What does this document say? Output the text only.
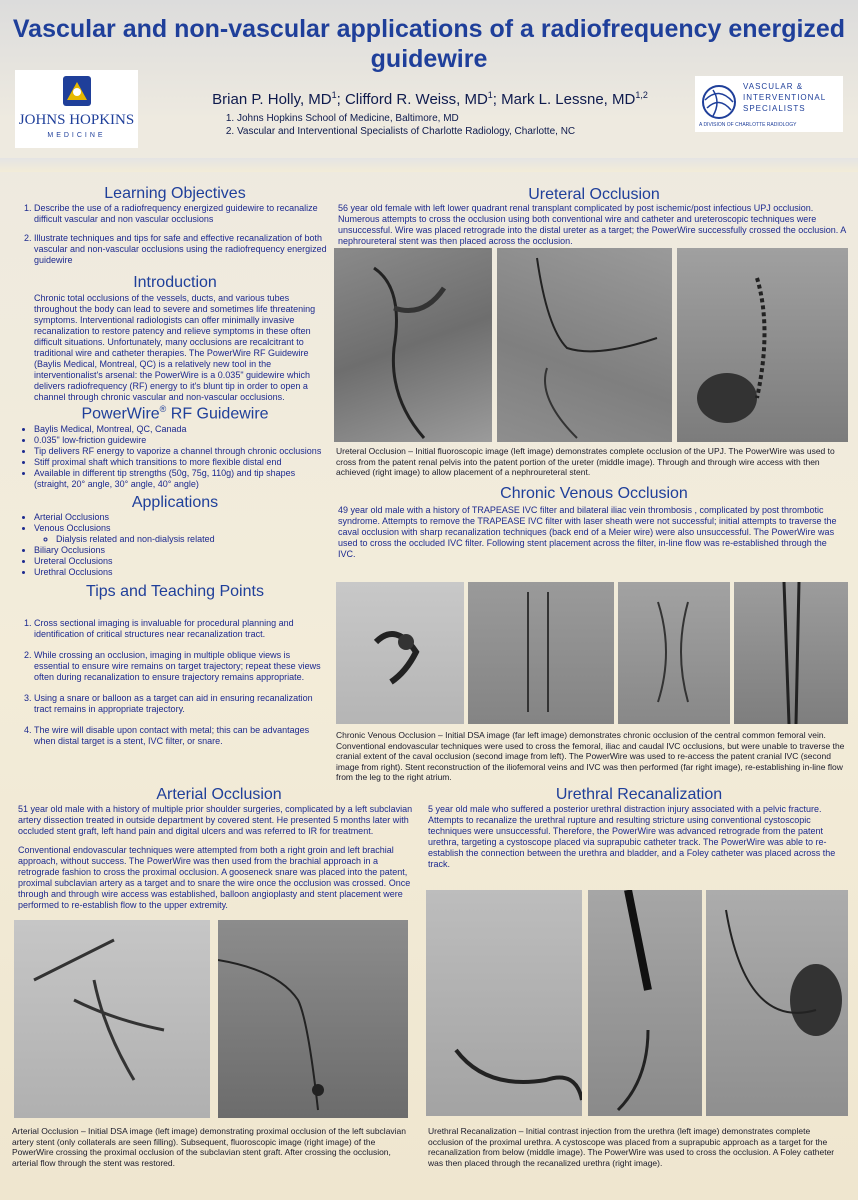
Vascular and non-vascular applications of a radiofrequency energized guidewire
JOHNS HOPKINS
MEDICINE
Brian P. Holly, $MD^1$; Clifford R. Weiss, $MD^1$; Mark L. Lessne, MD$^{1,2}$
1. Johns Hopkins School of Medicine, Baltimore, MD
2. Vascular and Interventional Specialists of Charlotte Radiology, Charlotte, NC
VASCULAR &
INTERVENTIONAL
SPECIALISTS
A DIVISION OF CHARLOTTE RADIOLOGY
Learning Objectives
1. Describe the use of a radiofrequency energized guidewire to recanalize difficult vascular and non vascular occlusions
2. Illustrate techniques and tips for safe and effective recanalization of both vascular and non-vascular occlusions using the radiofrequency energized guidewire
Introduction
Chronic total occlusions of the vessels, ducts, and various tubes throughout the body can lead to severe and sometimes life threatening symptoms. Interventional radiologists can offer minimally invasive recanalization to restore patency and relieve symptoms in these often difficult situations. Unfortunately, many occlusions are recalcitrant to traditional wire and catheter therapies. The PowerWire RF Guidewire (Baylis Medical, Montreal, QC) is a relatively new tool in the interventionalist's arsenal: the PowerWire is a 0.035" guidewire which delivers radiofrequency (RF) energy to it's blunt tip in order to open a channel through chronic vascular and non-vascular occlusions.
PowerWire® RF Guidewire
• Baylis Medical, Montreal, QC, Canada
• 0.035" low-friction guidewire
• Tip delivers RF energy to vaporize a channel through chronic occlusions
• Stiff proximal shaft which transitions to more flexible distal end
• Available in different tip strengths (50g, 75g, 110g) and tip shapes (straight, 20° angle, 30° angle, 40° angle)
Applications
• Arterial Occlusions
• Venous Occlusions
◦ Dialysis related and non-dialysis related
• Biliary Occlusions
• Ureteral Occlusions
• Urethral Occlusions
Tips and Teaching Points
1. Cross sectional imaging is invaluable for procedural planning and identification of critical structures near recanalization tract.
2. While crossing an occlusion, imaging in multiple oblique views is essential to ensure wire remains on target trajectory; repeat these views often during recanalization to ensure trajectory remains appropriate.
3. Using a snare or balloon as a target can aid in ensuring recanalization tract remains in appropriate trajectory.
4. The wire will disable upon contact with metal; this can be advantages when distal target is a stent, IVC filter, or snare.
Ureteral Occlusion
56 year old female with left lower quadrant renal transplant complicated by post ischemic/post infectious UPJ occlusion. Numerous attempts to cross the occlusion using both conventional wire and catheter and ureteroscopic techniques were unsuccessful. Wire was placed retrograde into the distal ureter as a target; the PowerWire successfully crossed the occlusion. A nephroureteral stent was then placed across the occlusion.
Ureteral Occlusion – Initial fluoroscopic image (left image) demonstrates complete occlusion of the UPJ. The PowerWire was used to cross from the patent renal pelvis into the patent portion of the ureter (middle image). Through and through wire access with then achieved (right image) to allow placement of a nephroureteral stent.
Chronic Venous Occlusion
49 year old male with a history of TRAPEASE IVC filter and bilateral iliac vein thrombosis , complicated by post thrombotic syndrome. Attempts to remove the TRAPEASE IVC filter with laser sheath were not successful; initial attempts to traverse the caval occlusion with sharp recanalization techniques (back end of a Meier wire) were also unsuccessful. The PowerWire was used to cross the occluded IVC filter. Following stent placement across the filter, in-line flow was re-established through the IVC.
Chronic Venous Occlusion – Initial DSA image (far left image) demonstrates chronic occlusion of the central common femoral vein. Conventional endovascular techniques were used to cross the femoral, iliac and caudal IVC occlusions, but were unable to traverse the cranial extent of the caval occlusion (second image from left). The PowerWire was used to re-access the patent cranial IVC (second image from right). Stent reconstruction of the iliofemoral veins and IVC was then performed (far right image), re-establishing in-line flow from the leg to the right atrium.
Arterial Occlusion
51 year old male with a history of multiple prior shoulder surgeries, complicated by a left subclavian artery dissection treated in outside department by covered stent. He presented 5 months later with occluded stent graft, left hand pain and digital ulcers and was referred to IR for treatment.
Conventional endovascular techniques were attempted from both a right groin and left brachial approach, without success. The PowerWire was then used from the brachial approach in a retrograde fashion to cross the proximal occlusion. A gooseneck snare was placed into the patent, proximal subclavian artery as a target and to snare the wire once the occlusion was crossed. Once through and through wire access was established, balloon angioplasty and stent placement were performed to re-establish flow to the upper extremity.
Arterial Occlusion – Initial DSA image (left image) demonstrating proximal occlusion of the left subclavian artery stent (only collaterals are seen filling). Subsequent, fluoroscopic image (right image) of the PowerWire crossing the proximal occlusion of the subclavian stent graft. After crossing the occlusion, arterial flow through the stent was restored.
Urethral Recanalization
5 year old male who suffered a posterior urethral distraction injury associated with a pelvic fracture. Attempts to recanalize the urethral rupture and resulting stricture using conventional cystoscopic techniques were unsuccessful. Therefore, the PowerWire was advanced retrograde from the patent urethra, targeting a cystoscope placed via suprapubic catheter track. The PowerWire was able to re-establish the connection between the urethra and bladder, and a Foley catheter was placed across the track.
Urethral Recanalization – Initial contrast injection from the urethra (left image) demonstrates complete occlusion of the proximal urethra. A cystoscope was placed from a suprapubic approach as a target for the recanalization from below (middle image). The PowerWire was used to cross the occlusion. A Foley catheter was then placed through the recanalized urethra (right image).
